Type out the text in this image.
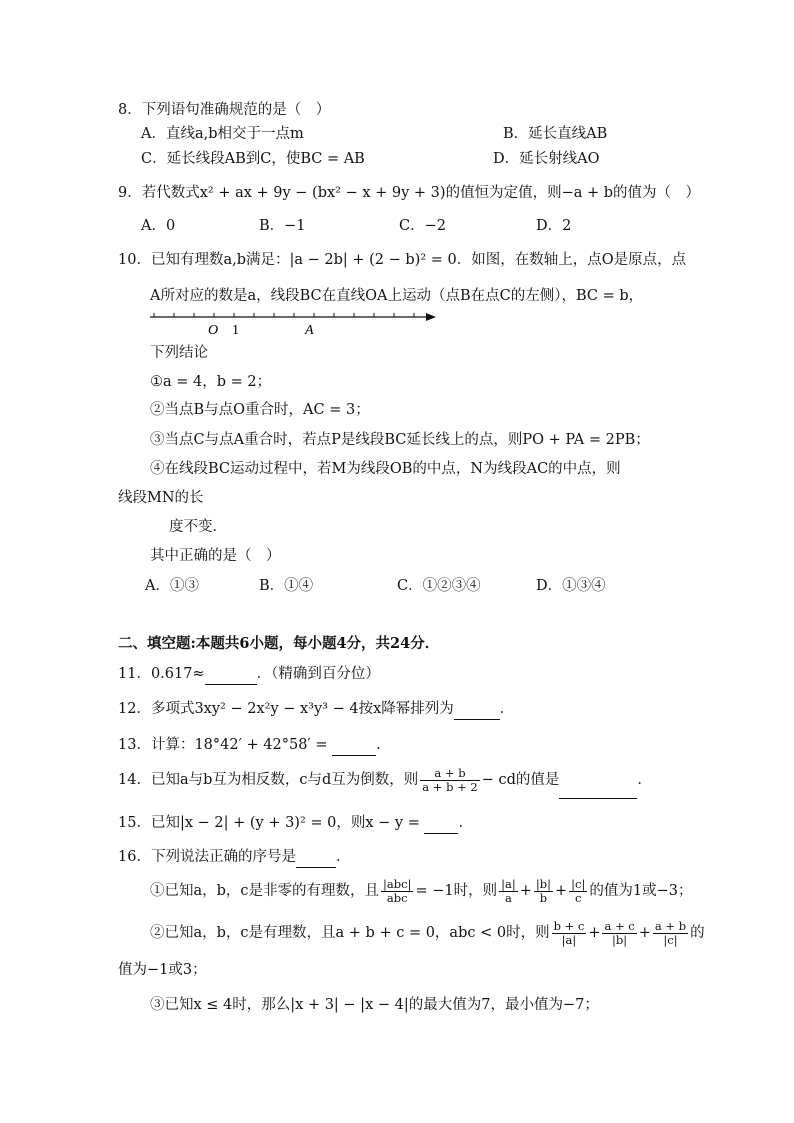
8．下列语句准确规范的是（　）
A．直线a,b相交于一点m	B．延长直线AB
C．延长线段AB到C，使BC = AB	D．延长射线AO
9．若代数式x² + ax + 9y − (bx² − x + 9y + 3)的值恒为定值，则−a + b的值为（　）
A．0	B．−1	C．−2	D．2
10．已知有理数a,b满足：|a − 2b| + (2 − b)² = 0．如图，在数轴上，点O是原点，点
A所对应的数是a，线段BC在直线OA上运动（点B在点C的左侧），BC = b，
O 1	A
下列结论
①a = 4，b = 2；
②当点B与点O重合时，AC = 3；
③当点C与点A重合时，若点P是线段BC延长线上的点，则PO + PA = 2PB；
④在线段BC运动过程中，若M为线段OB的中点，N为线段AC的中点，则
线段MN的长
度不变．
其中正确的是（　）
A．①③	B．①④	C．①②③④	D．①③④
二、填空题:本题共6小题，每小题4分，共24分．
11．0.617≈	．（精确到百分位）
12．多项式3xy² − 2x²y − x³y³ − 4按x降幂排列为	．
13．计算：18°42′ + 42°58′ =	．
14．已知a与b互为相反数，c与d互为倒数，则 $\frac{a + b}{a + b + 2}$ − cd的值是	．
15．已知|x − 2| + (y + 3)² = 0，则x − y =  ．
16．下列说法正确的序号是	．
①已知a，b，c是非零的有理数，且 $\frac{\text{|abc|}}{\text{abc}} = -1$时，则 $\frac{|a|}{a} + \frac{|b|}{b} + \frac{|c|}{c}$ 的值为1或−3；
②已知a，b，c是有理数，且a + b + c = 0，abc < 0时，则 $\frac{b + c}{|a|} + \frac{a + c}{|b|} + \frac{a + b}{|c|}$ 的
值为−1或3；
③已知x ≤ 4时，那么|x + 3| − |x − 4|的最大值为7，最小值为−7；
